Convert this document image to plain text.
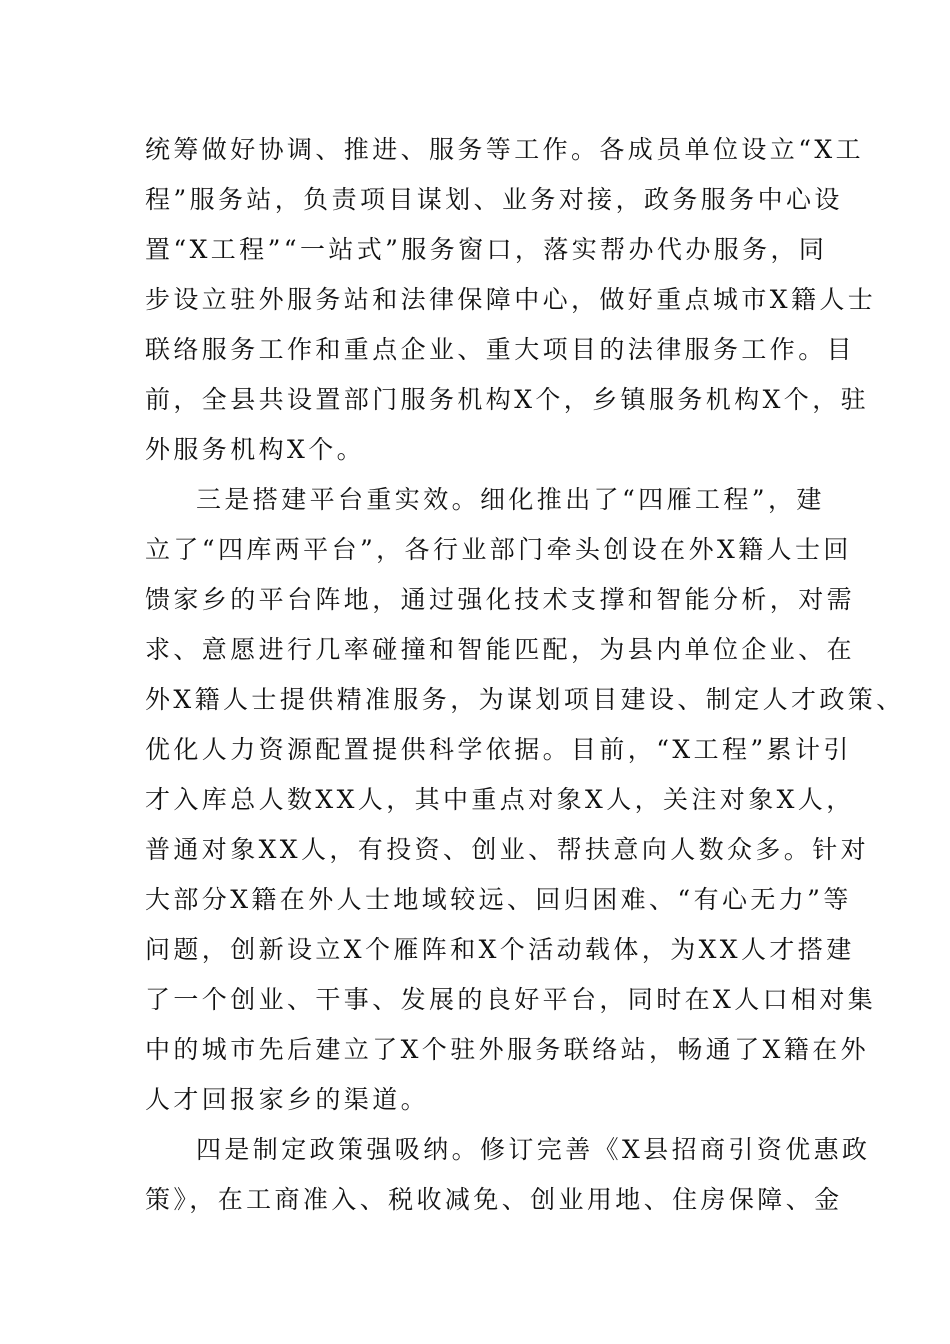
统筹做好协调、推进、服务等工作。各成员单位设立“X工
程”服务站，负责项目谋划、业务对接，政务服务中心设
置“X工程”“一站式”服务窗口，落实帮办代办服务，同
步设立驻外服务站和法律保障中心，做好重点城市X籍人士
联络服务工作和重点企业、重大项目的法律服务工作。目
前，全县共设置部门服务机构X个，乡镇服务机构X个，驻
外服务机构X个。
三是搭建平台重实效。细化推出了“四雁工程”，建
立了“四库两平台”，各行业部门牵头创设在外X籍人士回
馈家乡的平台阵地，通过强化技术支撑和智能分析，对需
求、意愿进行几率碰撞和智能匹配，为县内单位企业、在
外X籍人士提供精准服务，为谋划项目建设、制定人才政策、
优化人力资源配置提供科学依据。目前，“X工程”累计引
才入库总人数XX人，其中重点对象X人，关注对象X人，
普通对象XX人，有投资、创业、帮扶意向人数众多。针对
大部分X籍在外人士地域较远、回归困难、“有心无力”等
问题，创新设立X个雁阵和X个活动载体，为XX人才搭建
了一个创业、干事、发展的良好平台，同时在X人口相对集
中的城市先后建立了X个驻外服务联络站，畅通了X籍在外
人才回报家乡的渠道。
四是制定政策强吸纳。修订完善《X县招商引资优惠政
策》，在工商准入、税收减免、创业用地、住房保障、金
